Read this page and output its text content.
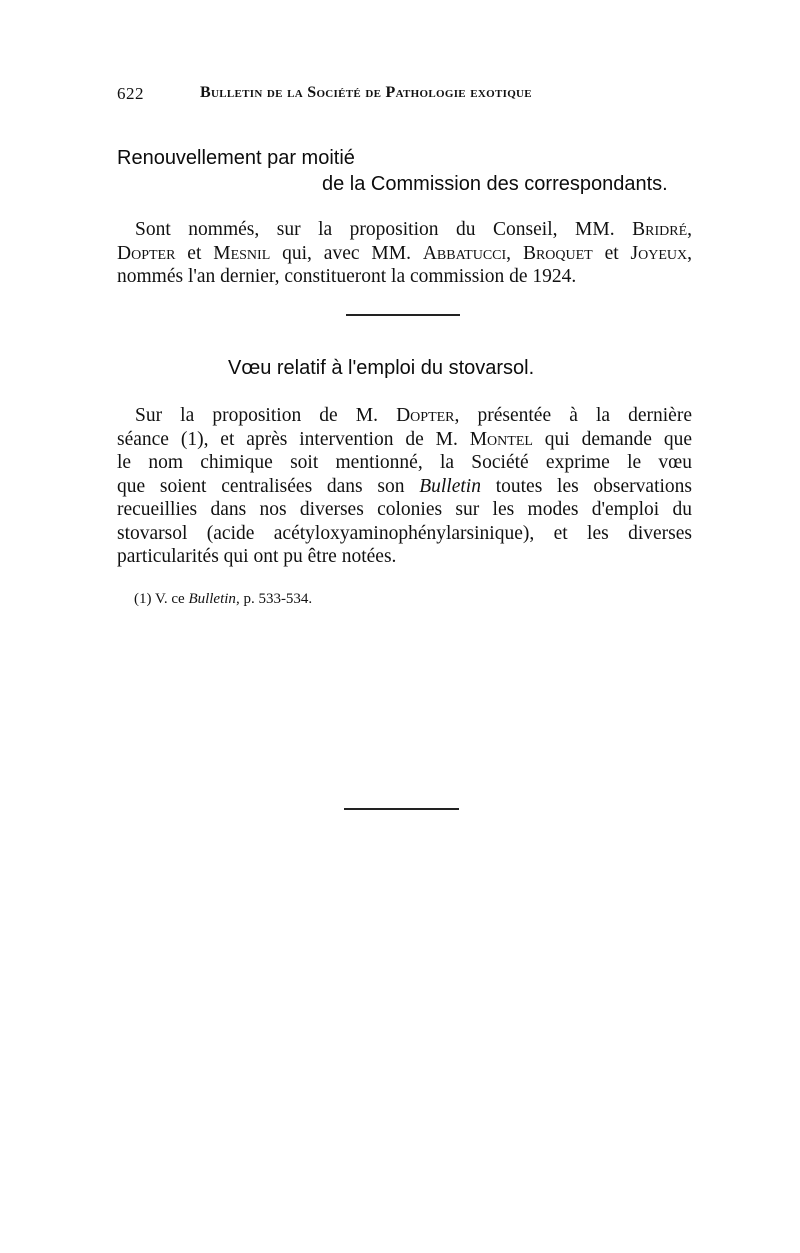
622	Bulletin de la Société de Pathologie exotique
Renouvellement par moitié
de la Commission des correspondants.
Sont nommés, sur la proposition du Conseil, MM. Bridré,
Dopter et Mesnil qui, avec MM. Abbatucci, Broquet et Joyeux,
nommés l'an dernier, constitueront la commission de 1924.
Vœu relatif à l'emploi du stovarsol.
Sur la proposition de M. Dopter, présentée à la dernière
séance (1), et après intervention de M. Montel qui demande que
le nom chimique soit mentionné, la Société exprime le vœu
que soient centralisées dans son Bulletin toutes les observations
recueillies dans nos diverses colonies sur les modes d'emploi du
stovarsol (acide acétyloxyaminophénylarsinique), et les diverses
particularités qui ont pu être notées.
(1) V. ce Bulletin, p. 533-534.
